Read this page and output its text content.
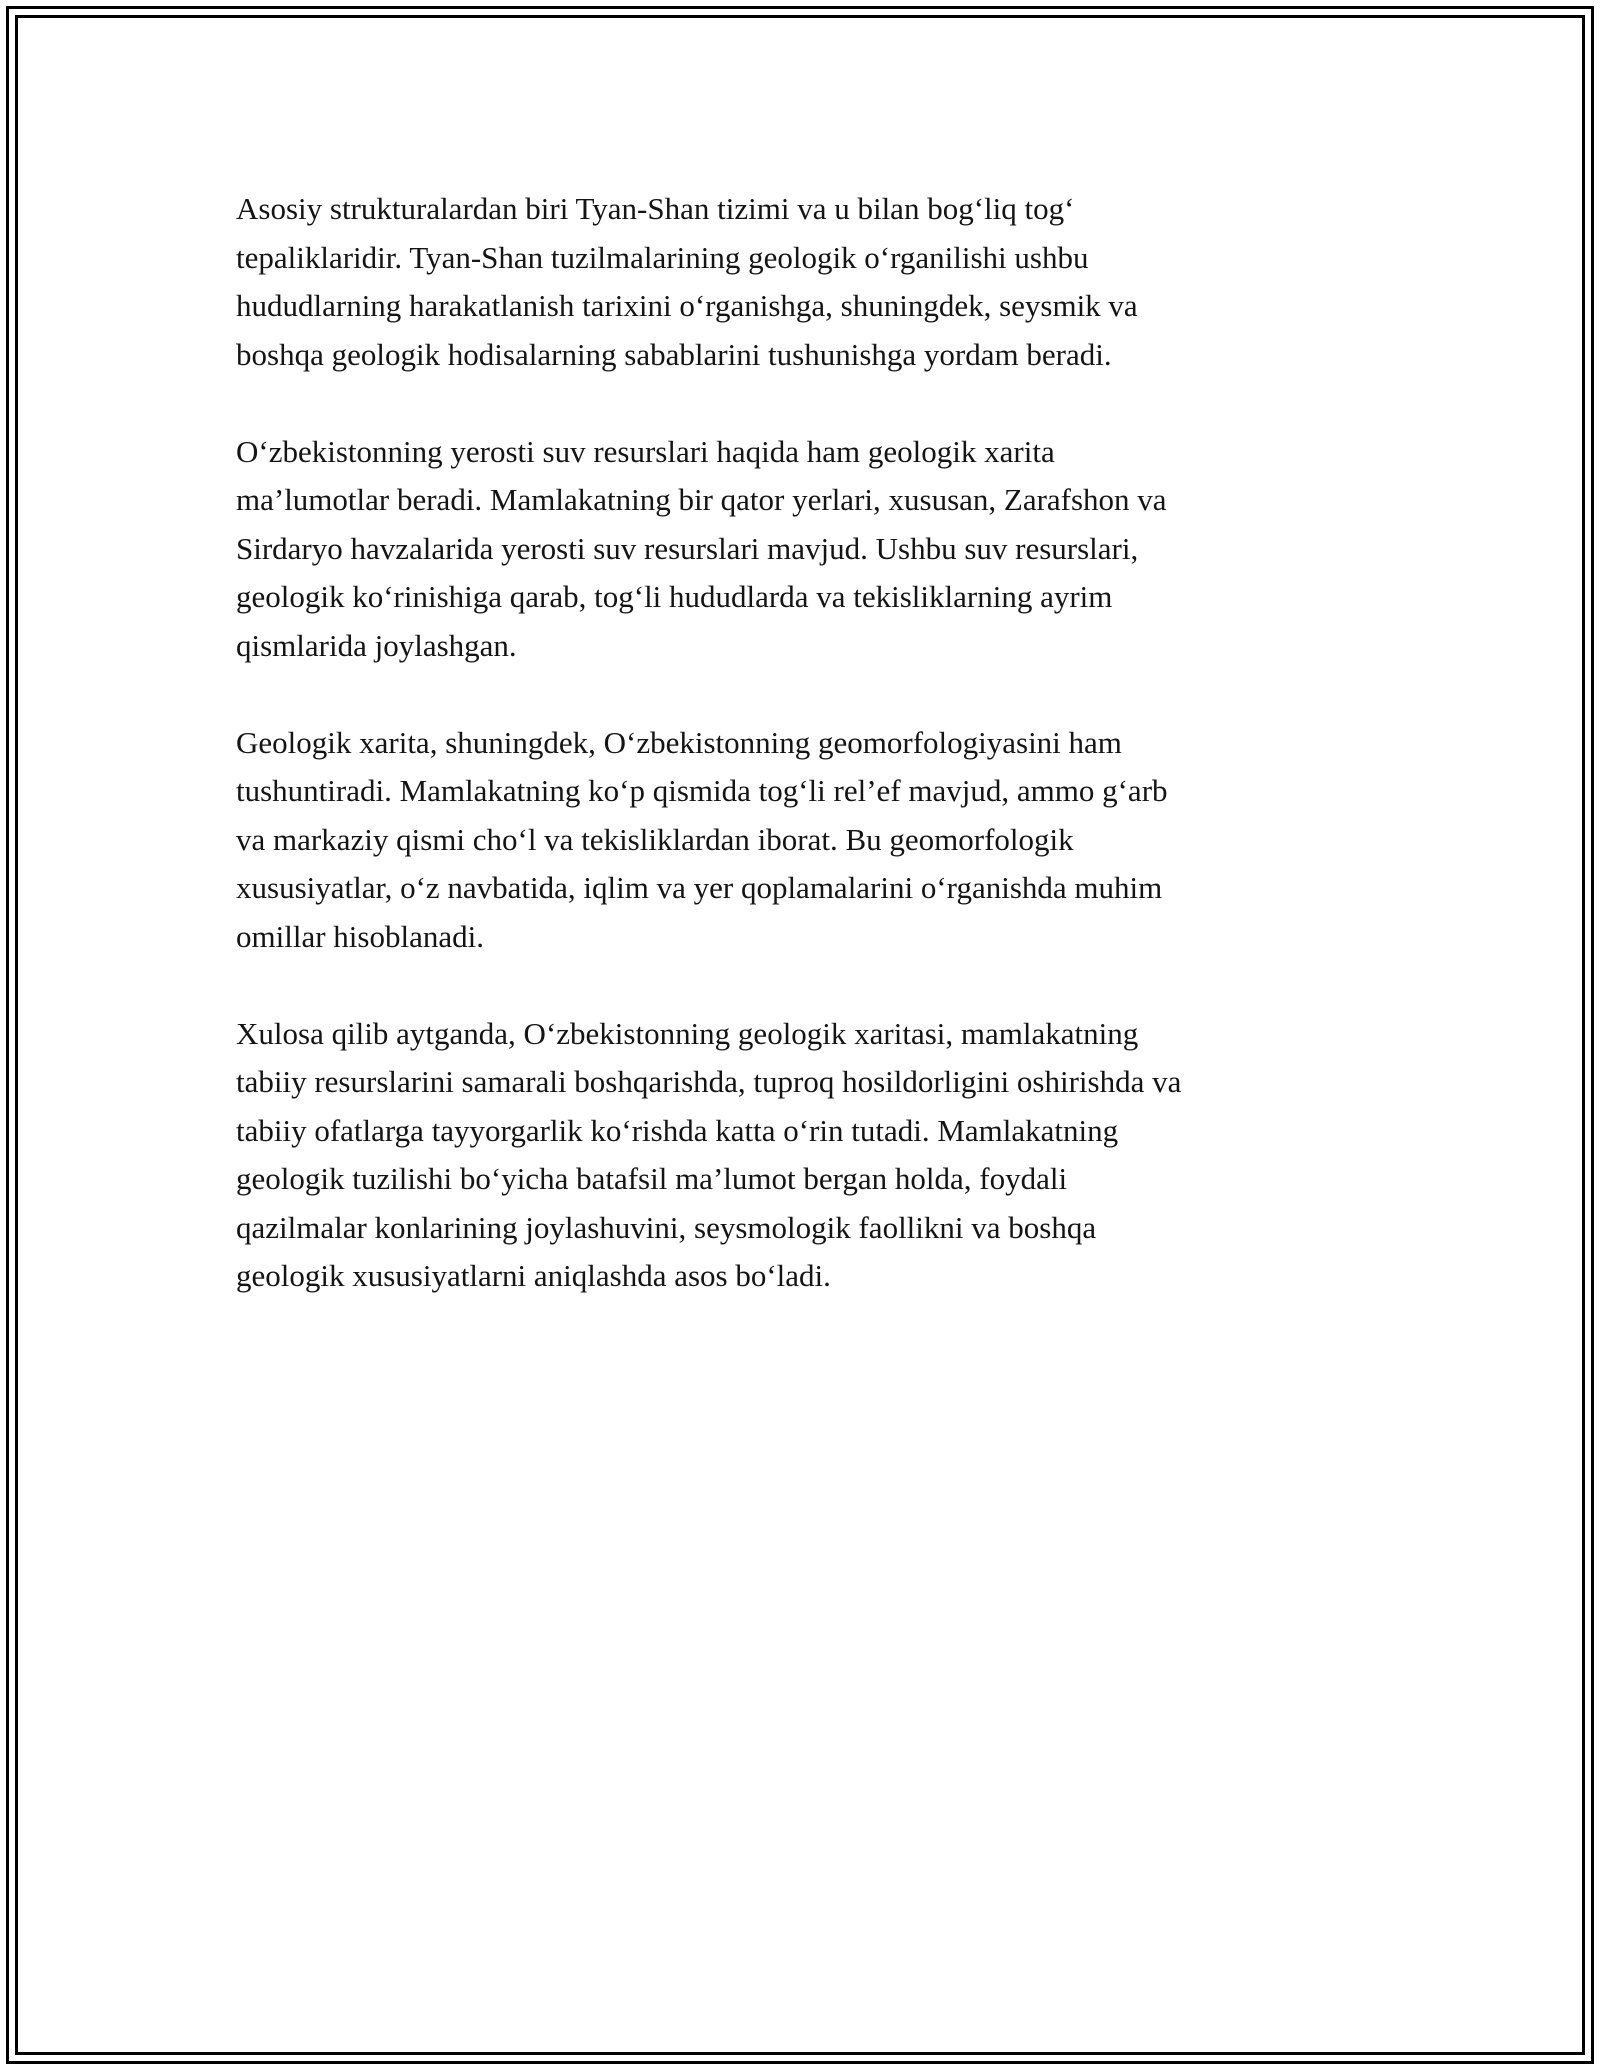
Asosiy strukturalardan biri Tyan-Shan tizimi va u bilan bog‘liq tog‘
tepaliklaridir. Tyan-Shan tuzilmalarining geologik o‘rganilishi ushbu
hududlarning harakatlanish tarixini o‘rganishga, shuningdek, seysmik va
boshqa geologik hodisalarning sabablarini tushunishga yordam beradi.

O‘zbekistonning yerosti suv resurslari haqida ham geologik xarita
ma’lumotlar beradi. Mamlakatning bir qator yerlari, xususan, Zarafshon va
Sirdaryo havzalarida yerosti suv resurslari mavjud. Ushbu suv resurslari,
geologik ko‘rinishiga qarab, tog‘li hududlarda va tekisliklarning ayrim
qismlarida joylashgan.

Geologik xarita, shuningdek, O‘zbekistonning geomorfologiyasini ham
tushuntiradi. Mamlakatning ko‘p qismida tog‘li rel’ef mavjud, ammo g‘arb
va markaziy qismi cho‘l va tekisliklardan iborat. Bu geomorfologik
xususiyatlar, o‘z navbatida, iqlim va yer qoplamalarini o‘rganishda muhim
omillar hisoblanadi.

Xulosa qilib aytganda, O‘zbekistonning geologik xaritasi, mamlakatning
tabiiy resurslarini samarali boshqarishda, tuproq hosildorligini oshirishda va
tabiiy ofatlarga tayyorgarlik ko‘rishda katta o‘rin tutadi. Mamlakatning
geologik tuzilishi bo‘yicha batafsil ma’lumot bergan holda, foydali
qazilmalar konlarining joylashuvini, seysmologik faollikni va boshqa
geologik xususiyatlarni aniqlashda asos bo‘ladi.
